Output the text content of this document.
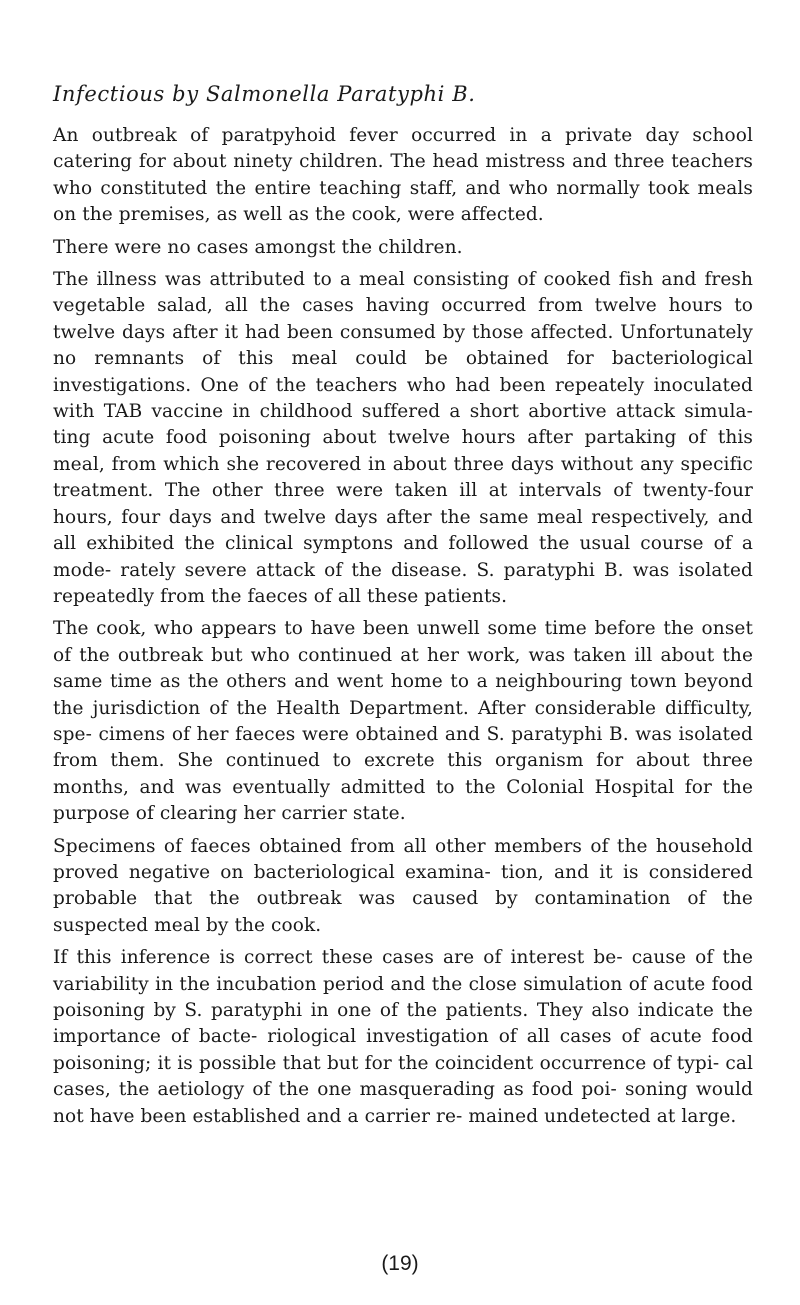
Infectious by Salmonella Paratyphi B.

An outbreak of paratpyhoid fever occurred in a private day school catering for about ninety children. The head mistress and three teachers who constituted the entire teaching staff, and who normally took meals on the premises, as well as the cook, were affected.

There were no cases amongst the children.

The illness was attributed to a meal consisting of cooked fish and fresh vegetable salad, all the cases having occurred from twelve hours to twelve days after it had been consumed by those affected. Unfortunately no remnants of this meal could be obtained for bacteriological investigations. One of the teachers who had been repeately inoculated with TAB vaccine in childhood suffered a short abortive attack simula- ting acute food poisoning about twelve hours after partaking of this meal, from which she recovered in about three days without any specific treatment. The other three were taken ill at intervals of twenty-four hours, four days and twelve days after the same meal respectively, and all exhibited the clinical symptons and followed the usual course of a mode- rately severe attack of the disease. S. paratyphi B. was isolated repeatedly from the faeces of all these patients.

The cook, who appears to have been unwell some time before the onset of the outbreak but who continued at her work, was taken ill about the same time as the others and went home to a neighbouring town beyond the jurisdiction of the Health Department. After considerable difficulty, spe- cimens of her faeces were obtained and S. paratyphi B. was isolated from them. She continued to excrete this organism for about three months, and was eventually admitted to the Colonial Hospital for the purpose of clearing her carrier state.

Specimens of faeces obtained from all other members of the household proved negative on bacteriological examina- tion, and it is considered probable that the outbreak was caused by contamination of the suspected meal by the cook.

If this inference is correct these cases are of interest be- cause of the variability in the incubation period and the close simulation of acute food poisoning by S. paratyphi in one of the patients. They also indicate the importance of bacte- riological investigation of all cases of acute food poisoning; it is possible that but for the coincident occurrence of typi- cal cases, the aetiology of the one masquerading as food poi- soning would not have been established and a carrier re- mained undetected at large.

(19)
